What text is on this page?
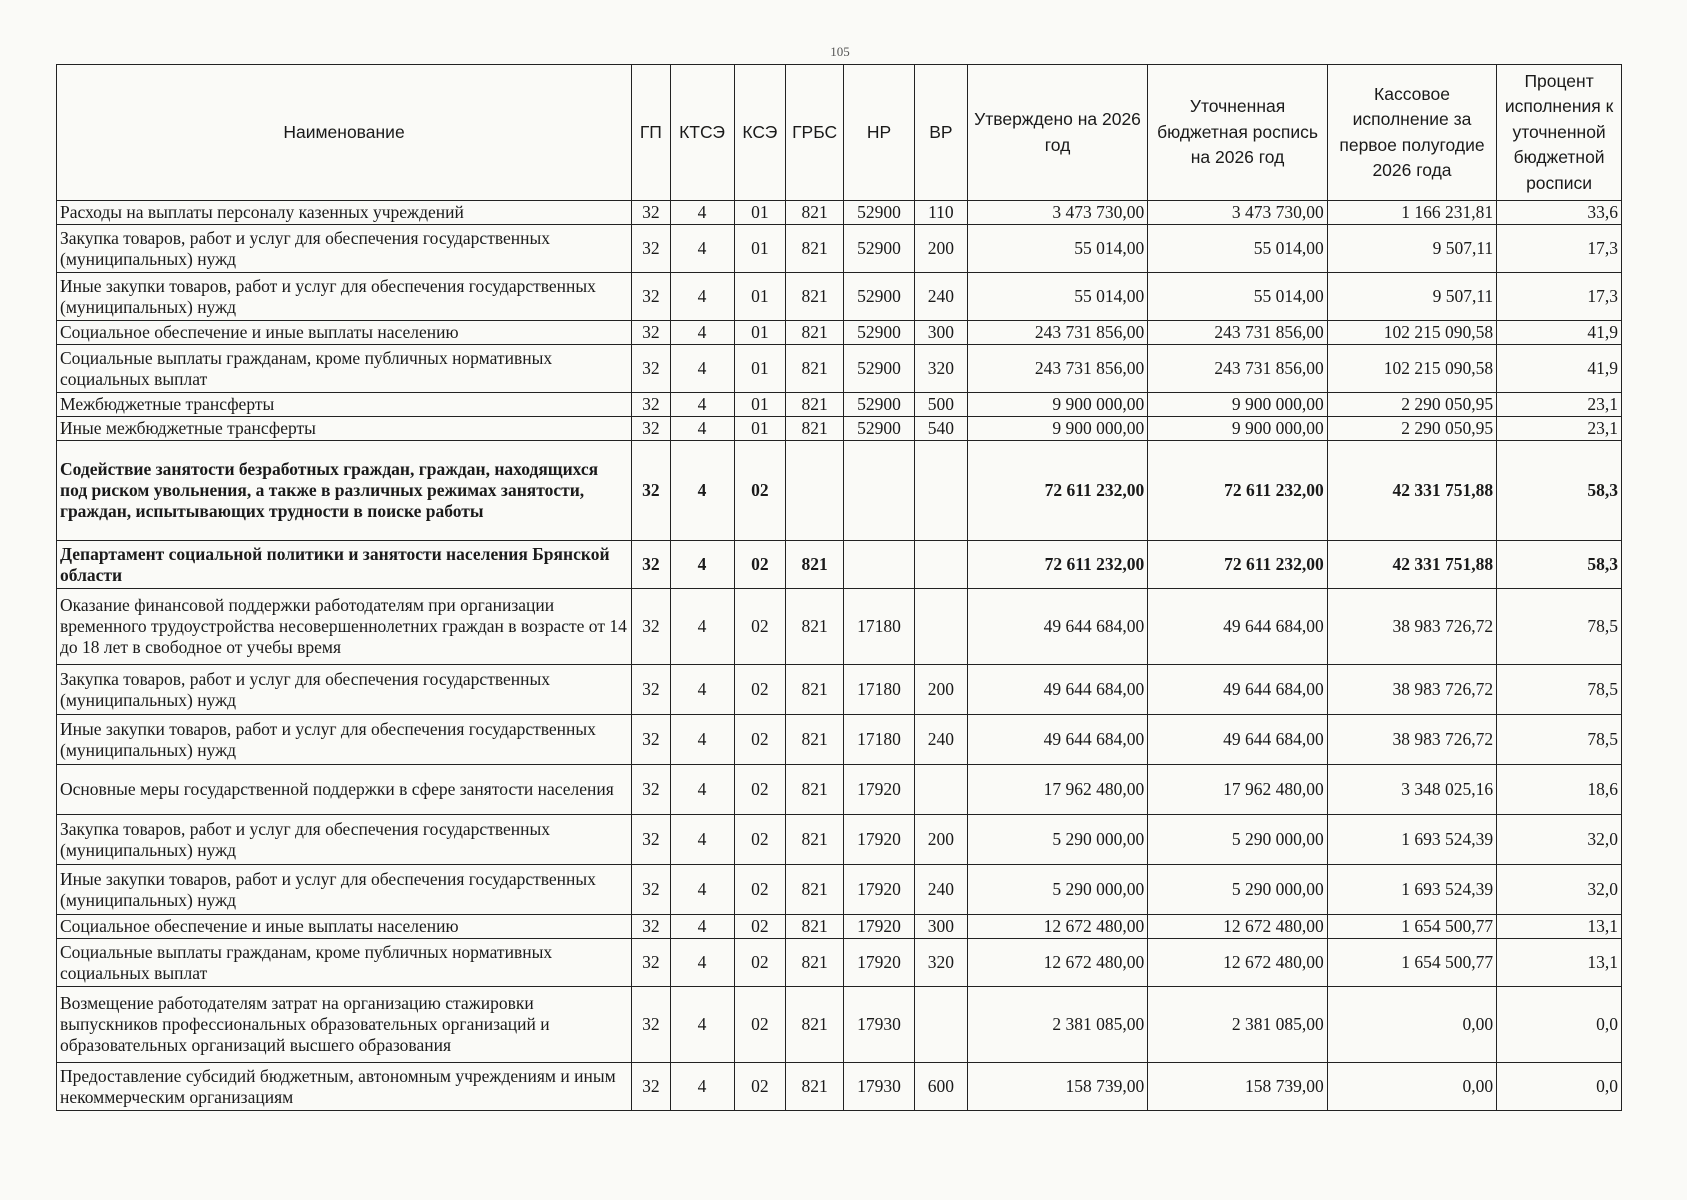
105
Наименование	ГП	КТСЭ	КСЭ	ГРБС	НР	ВР	Утверждено на 2026 год	Уточненная бюджетная роспись на 2026 год	Кассовое исполнение за первое полугодие 2026 года	Процент исполнения к уточненной бюджетной росписи
Расходы на выплаты персоналу казенных учреждений	32	4	01	821	52900	110	3 473 730,00	3 473 730,00	1 166 231,81	33,6
Закупка товаров, работ и услуг для обеспечения государственных (муниципальных) нужд	32	4	01	821	52900	200	55 014,00	55 014,00	9 507,11	17,3
Иные закупки товаров, работ и услуг для обеспечения государственных (муниципальных) нужд	32	4	01	821	52900	240	55 014,00	55 014,00	9 507,11	17,3
Социальное обеспечение и иные выплаты населению	32	4	01	821	52900	300	243 731 856,00	243 731 856,00	102 215 090,58	41,9
Социальные выплаты гражданам, кроме публичных нормативных социальных выплат	32	4	01	821	52900	320	243 731 856,00	243 731 856,00	102 215 090,58	41,9
Межбюджетные трансферты	32	4	01	821	52900	500	9 900 000,00	9 900 000,00	2 290 050,95	23,1
Иные межбюджетные трансферты	32	4	01	821	52900	540	9 900 000,00	9 900 000,00	2 290 050,95	23,1
Содействие занятости безработных граждан, граждан, находящихся под риском увольнения, а также в различных режимах занятости, граждан, испытывающих трудности в поиске работы	32	4	02				72 611 232,00	72 611 232,00	42 331 751,88	58,3
Департамент социальной политики и занятости населения Брянской области	32	4	02	821			72 611 232,00	72 611 232,00	42 331 751,88	58,3
Оказание финансовой поддержки работодателям при организации временного трудоустройства несовершеннолетних граждан в возрасте от 14 до 18 лет в свободное от учебы время	32	4	02	821	17180		49 644 684,00	49 644 684,00	38 983 726,72	78,5
Закупка товаров, работ и услуг для обеспечения государственных (муниципальных) нужд	32	4	02	821	17180	200	49 644 684,00	49 644 684,00	38 983 726,72	78,5
Иные закупки товаров, работ и услуг для обеспечения государственных (муниципальных) нужд	32	4	02	821	17180	240	49 644 684,00	49 644 684,00	38 983 726,72	78,5
Основные меры государственной поддержки в сфере занятости населения	32	4	02	821	17920		17 962 480,00	17 962 480,00	3 348 025,16	18,6
Закупка товаров, работ и услуг для обеспечения государственных (муниципальных) нужд	32	4	02	821	17920	200	5 290 000,00	5 290 000,00	1 693 524,39	32,0
Иные закупки товаров, работ и услуг для обеспечения государственных (муниципальных) нужд	32	4	02	821	17920	240	5 290 000,00	5 290 000,00	1 693 524,39	32,0
Социальное обеспечение и иные выплаты населению	32	4	02	821	17920	300	12 672 480,00	12 672 480,00	1 654 500,77	13,1
Социальные выплаты гражданам, кроме публичных нормативных социальных выплат	32	4	02	821	17920	320	12 672 480,00	12 672 480,00	1 654 500,77	13,1
Возмещение работодателям затрат на организацию стажировки выпускников профессиональных образовательных организаций и образовательных организаций высшего образования	32	4	02	821	17930		2 381 085,00	2 381 085,00	0,00	0,0
Предоставление субсидий бюджетным, автономным учреждениям и иным некоммерческим организациям	32	4	02	821	17930	600	158 739,00	158 739,00	0,00	0,0
